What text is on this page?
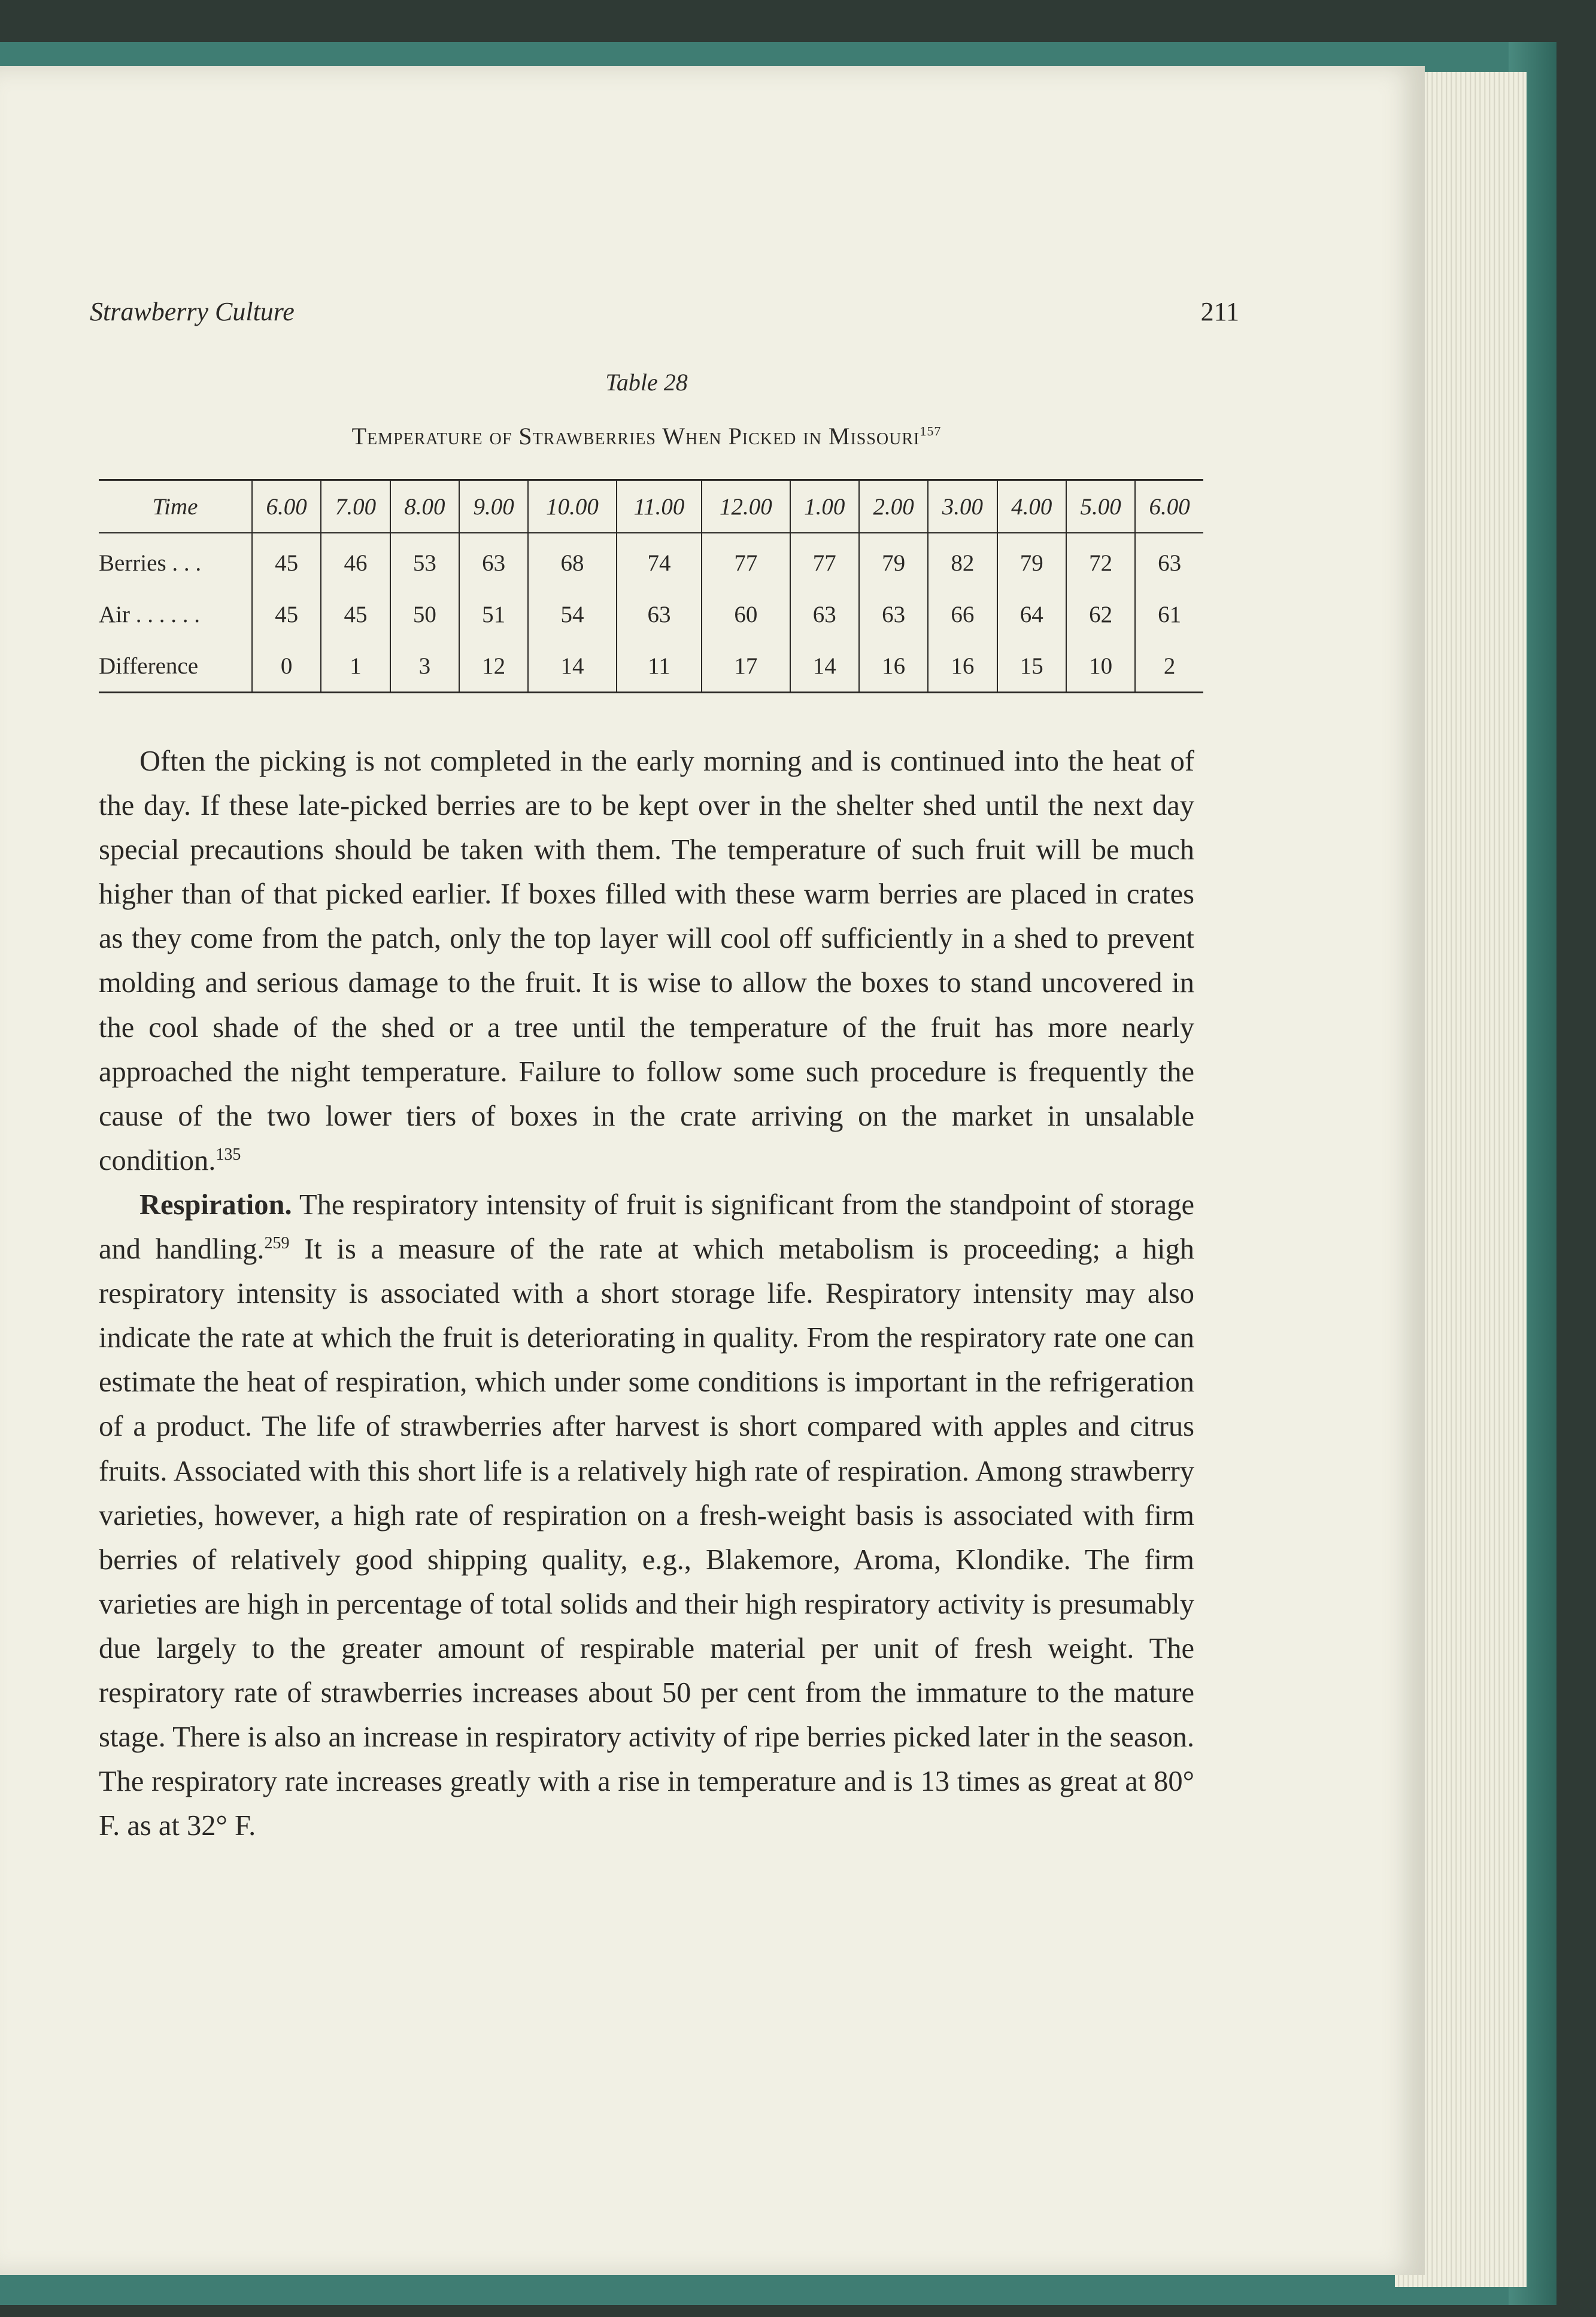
Strawberry Culture	211
Table 28
Temperature of Strawberries When Picked in Missouri$^{157}$
Time	6.00	7.00	8.00	9.00	10.00	11.00	12.00	1.00	2.00	3.00	4.00	5.00	6.00
Berries . . .	45	46	53	63	68	74	77	77	79	82	79	72	63
Air . . . . . .	45	45	50	51	54	63	60	63	63	66	64	62	61
Difference	0	1	3	12	14	11	17	14	16	16	15	10	2

Often the picking is not completed in the early morning and is continued into the heat of the day. If these late-picked berries are to be kept over in the shelter shed until the next day special precautions should be taken with them. The temperature of such fruit will be much higher than of that picked earlier. If boxes filled with these warm berries are placed in crates as they come from the patch, only the top layer will cool off sufficiently in a shed to prevent molding and serious damage to the fruit. It is wise to allow the boxes to stand uncovered in the cool shade of the shed or a tree until the temperature of the fruit has more nearly approached the night temperature. Failure to follow some such procedure is frequently the cause of the two lower tiers of boxes in the crate arriving on the market in unsalable condition.$^{135}$

Respiration. The respiratory intensity of fruit is significant from the standpoint of storage and handling.$^{259}$ It is a measure of the rate at which metabolism is proceeding; a high respiratory intensity is associated with a short storage life. Respiratory intensity may also indicate the rate at which the fruit is deteriorating in quality. From the respiratory rate one can estimate the heat of respiration, which under some conditions is important in the refrigeration of a product. The life of strawberries after harvest is short compared with apples and citrus fruits. Associated with this short life is a relatively high rate of respiration. Among strawberry varieties, however, a high rate of respiration on a fresh-weight basis is associated with firm berries of relatively good shipping quality, e.g., Blakemore, Aroma, Klondike. The firm varieties are high in percentage of total solids and their high respiratory activity is presumably due largely to the greater amount of respirable material per unit of fresh weight. The respiratory rate of strawberries increases about 50 per cent from the immature to the mature stage. There is also an increase in respiratory activity of ripe berries picked later in the season. The respiratory rate increases greatly with a rise in temperature and is 13 times as great at 80° F. as at 32° F.
